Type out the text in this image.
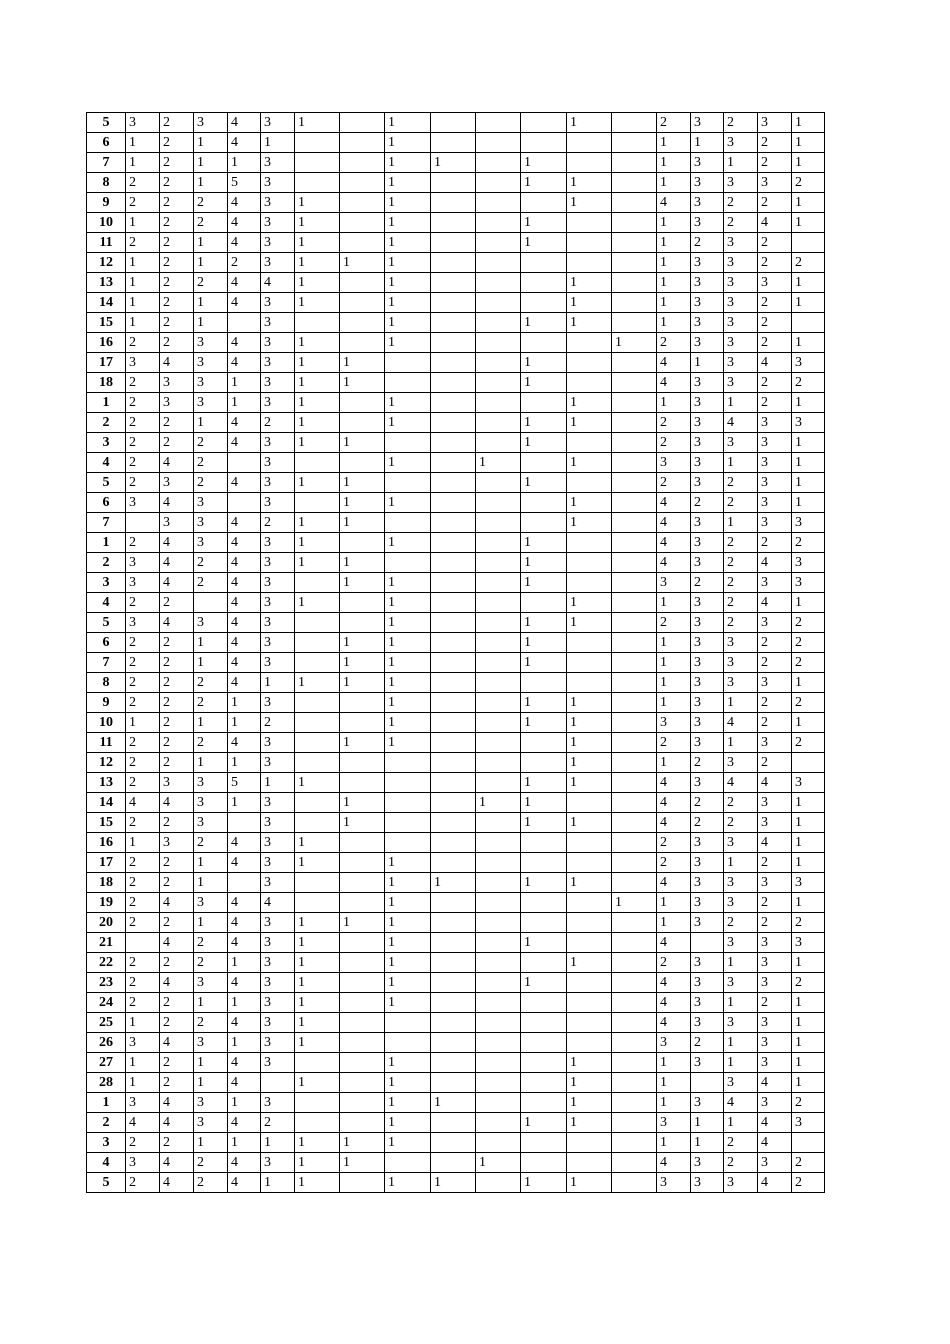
5	3	2	3	4	3	1		1				1		2	3	2	3	1
6	1	2	1	4	1			1						1	1	3	2	1
7	1	2	1	1	3			1	1		1			1	3	1	2	1
8	2	2	1	5	3			1			1	1		1	3	3	3	2
9	2	2	2	4	3	1		1				1		4	3	2	2	1
10	1	2	2	4	3	1		1			1			1	3	2	4	1
11	2	2	1	4	3	1		1			1			1	2	3	2	
12	1	2	1	2	3	1	1	1						1	3	3	2	2
13	1	2	2	4	4	1		1				1		1	3	3	3	1
14	1	2	1	4	3	1		1				1		1	3	3	2	1
15	1	2	1		3			1			1	1		1	3	3	2	
16	2	2	3	4	3	1		1					1	2	3	3	2	1
17	3	4	3	4	3	1	1				1			4	1	3	4	3
18	2	3	3	1	3	1	1				1			4	3	3	2	2
1	2	3	3	1	3	1		1				1		1	3	1	2	1
2	2	2	1	4	2	1		1			1	1		2	3	4	3	3
3	2	2	2	4	3	1	1				1			2	3	3	3	1
4	2	4	2		3			1		1		1		3	3	1	3	1
5	2	3	2	4	3	1	1				1			2	3	2	3	1
6	3	4	3		3		1	1				1		4	2	2	3	1
7		3	3	4	2	1	1					1		4	3	1	3	3
1	2	4	3	4	3	1		1			1			4	3	2	2	2
2	3	4	2	4	3	1	1				1			4	3	2	4	3
3	3	4	2	4	3		1	1			1			3	2	2	3	3
4	2	2		4	3	1		1				1		1	3	2	4	1
5	3	4	3	4	3			1			1	1		2	3	2	3	2
6	2	2	1	4	3		1	1			1			1	3	3	2	2
7	2	2	1	4	3		1	1			1			1	3	3	2	2
8	2	2	2	4	1	1	1	1						1	3	3	3	1
9	2	2	2	1	3			1			1	1		1	3	1	2	2
10	1	2	1	1	2			1			1	1		3	3	4	2	1
11	2	2	2	4	3		1	1				1		2	3	1	3	2
12	2	2	1	1	3							1		1	2	3	2	
13	2	3	3	5	1	1					1	1		4	3	4	4	3
14	4	4	3	1	3		1			1	1			4	2	2	3	1
15	2	2	3		3		1				1	1		4	2	2	3	1
16	1	3	2	4	3	1								2	3	3	4	1
17	2	2	1	4	3	1		1						2	3	1	2	1
18	2	2	1		3			1	1		1	1		4	3	3	3	3
19	2	4	3	4	4			1					1	1	3	3	2	1
20	2	2	1	4	3	1	1	1						1	3	2	2	2
21		4	2	4	3	1		1			1			4		3	3	3
22	2	2	2	1	3	1		1				1		2	3	1	3	1
23	2	4	3	4	3	1		1			1			4	3	3	3	2
24	2	2	1	1	3	1		1						4	3	1	2	1
25	1	2	2	4	3	1								4	3	3	3	1
26	3	4	3	1	3	1								3	2	1	3	1
27	1	2	1	4	3			1				1		1	3	1	3	1
28	1	2	1	4		1		1				1		1		3	4	1
1	3	4	3	1	3			1	1			1		1	3	4	3	2
2	4	4	3	4	2			1			1	1		3	1	1	4	3
3	2	2	1	1	1	1	1	1						1	1	2	4	
4	3	4	2	4	3	1	1			1				4	3	2	3	2
5	2	4	2	4	1	1		1	1		1	1		3	3	3	4	2
